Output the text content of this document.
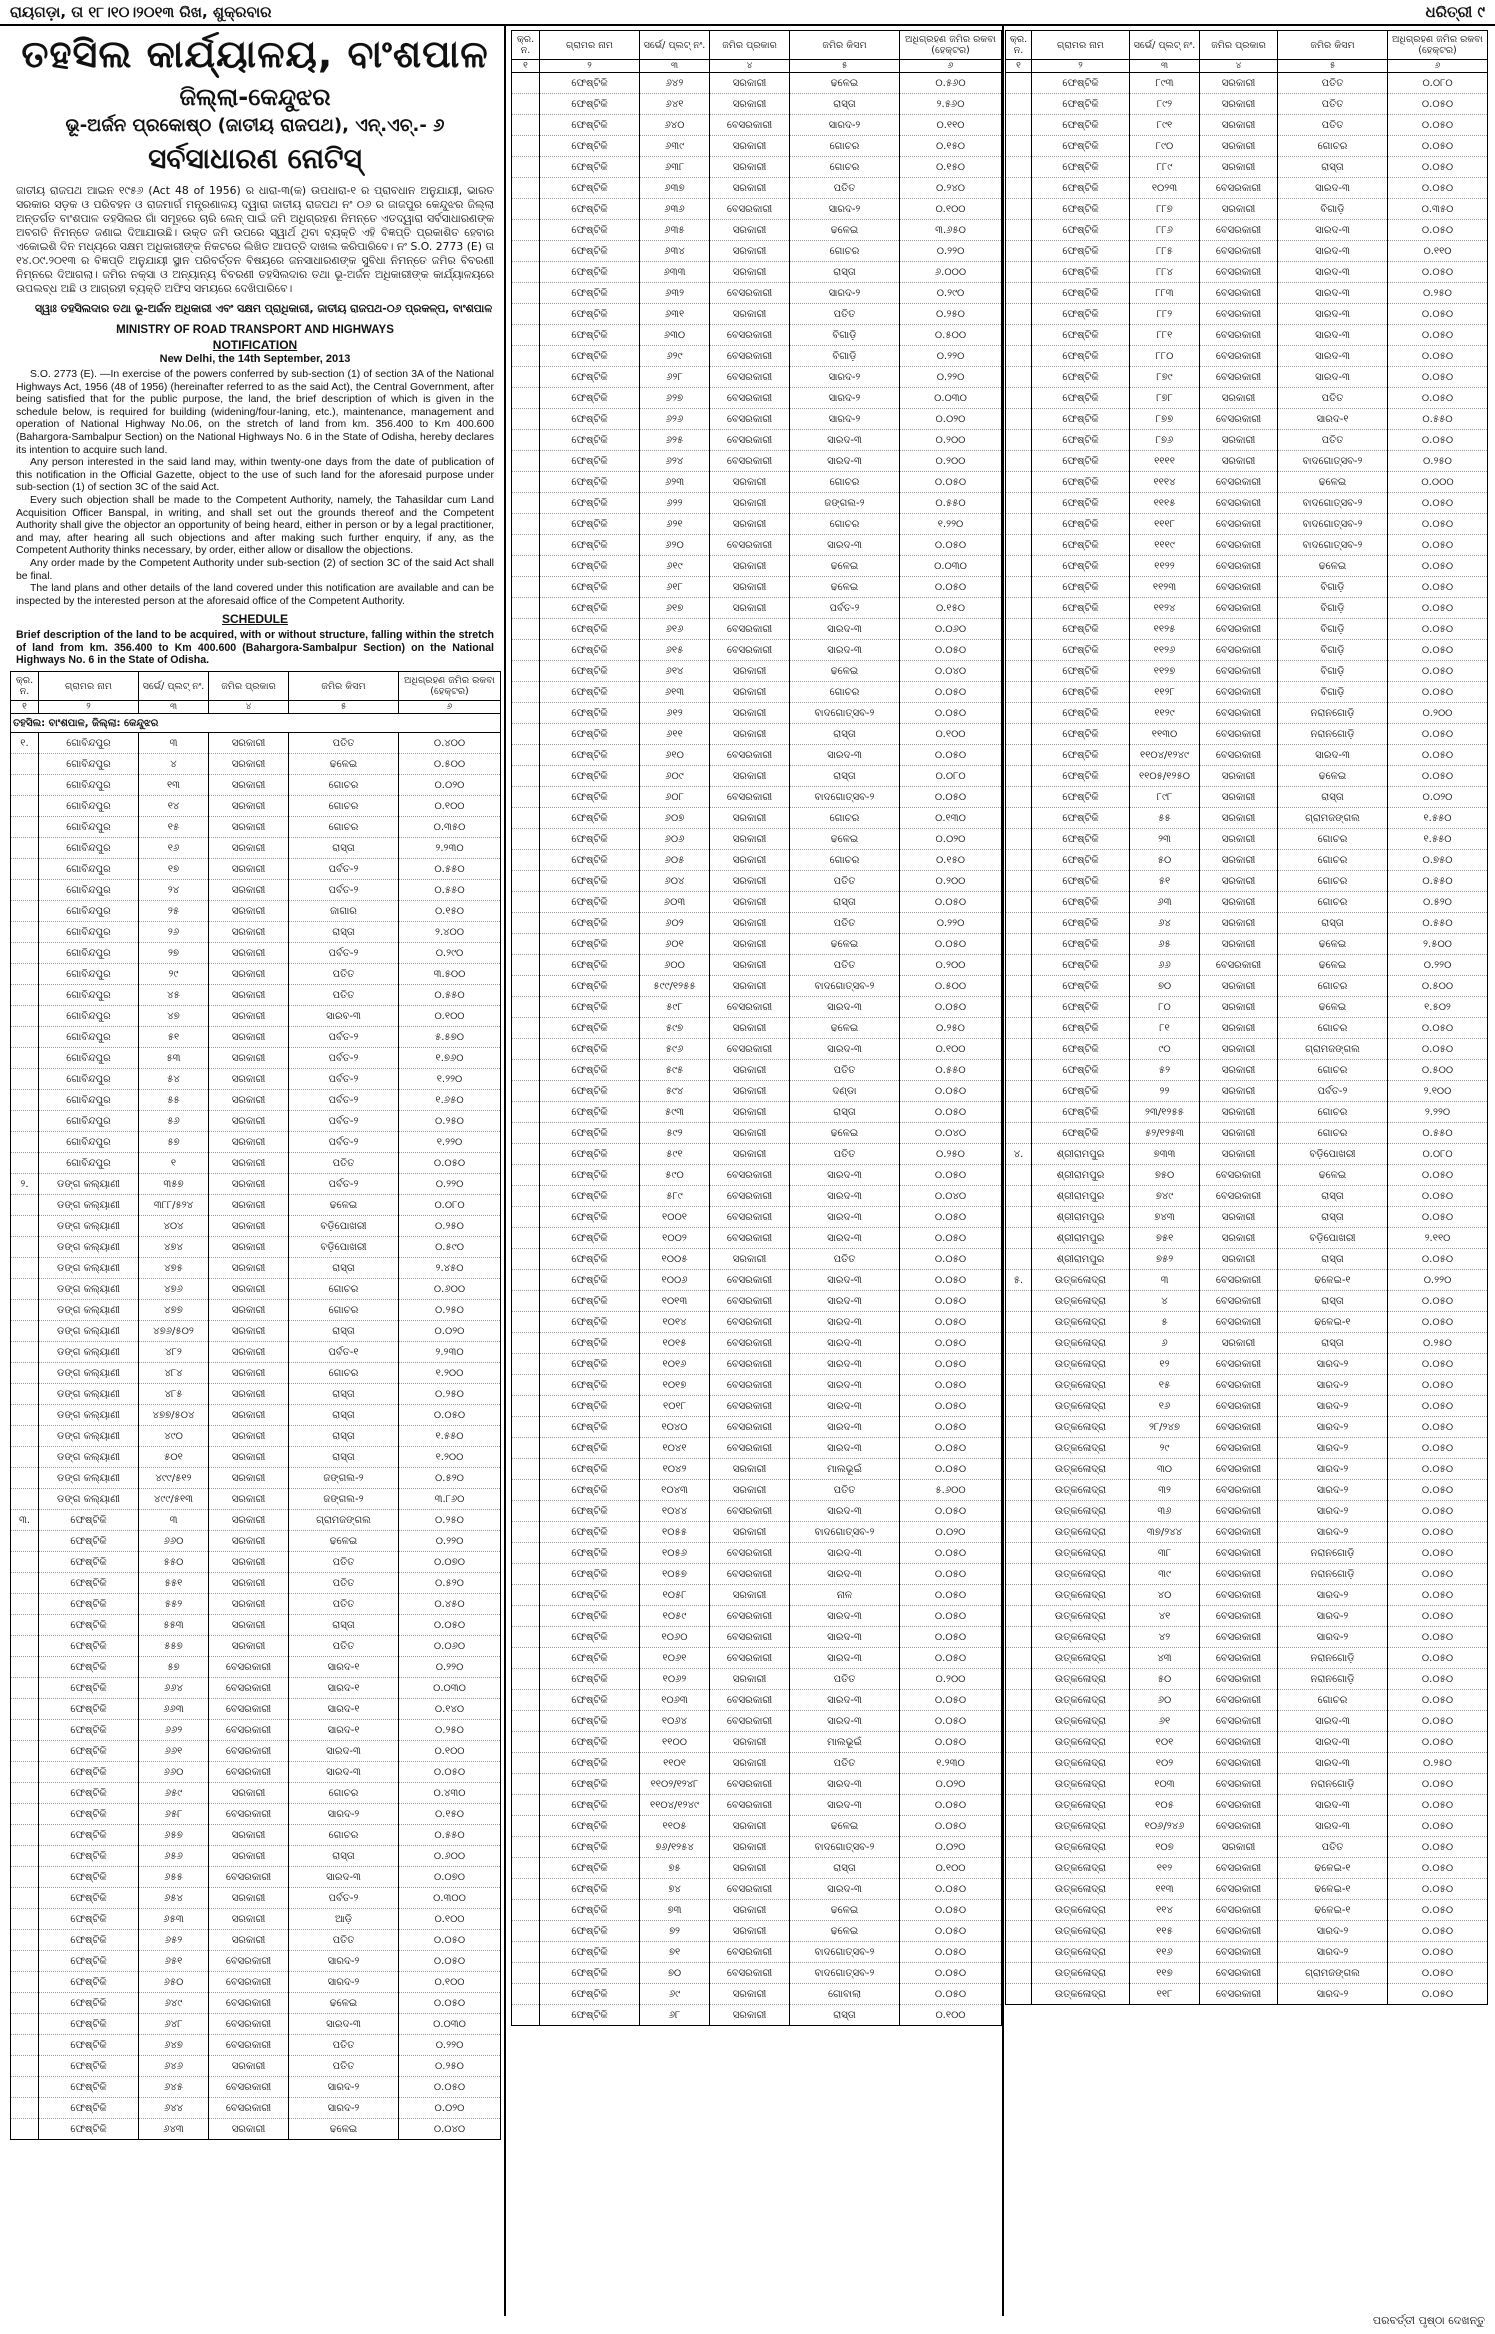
ରାୟଗଡ଼ା, ତା ୧୮।୧୦।୨୦୧୩ ରିଖ, ଶୁକ୍ରବାର	ଧରିତ୍ରୀ ୯
ତହସିଲ କାର୍ଯ୍ୟାଳୟ, ବାଂଶପାଳ
ଜିଲ୍ଲା-କେନ୍ଦୁଝର
ଭୂ-ଅର୍ଜନ ପ୍ରକୋଷ୍ଠ (ଜାତୀୟ ରାଜପଥ), ଏନ୍.ଏଚ୍.- ୬
ସର୍ବସାଧାରଣ ନୋଟିସ୍
ଜାତୀୟ ରାଜପଥ ଆଇନ ୧୯୫୬ (Act 48 of 1956) ର ଧାରା-୩(କ) ଉପଧାରା-୧ ର ପ୍ରାବଧାନ ଅନୁଯାୟୀ, ଭାରତ ସରକାର ସଡ଼କ ଓ ପରିବହନ ଓ ରାଜମାର୍ଗ ମନ୍ତ୍ରଣାଳୟ ଦ୍ୱାରା ଜାତୀୟ ରାଜପଥ ନଂ ୦୬ ର ଜାଜପୁର କେନ୍ଦୁଝର ଜିଲ୍ଲା ଅନ୍ତର୍ଗତ ବାଂଶପାଳ ତହସିଲର ଗାଁ ସମୂହରେ ଚାରି ଲେନ୍ ପାଇଁ ଜମି ଅଧିଗ୍ରହଣ ନିମନ୍ତେ ଏତଦ୍ୱାରା ସର୍ବସାଧାରଣଙ୍କ ଅବଗତି ନିମନ୍ତେ ଜଣାଇ ଦିଆଯାଉଛି। ଉକ୍ତ ଜମି ଉପରେ ସ୍ୱାର୍ଥ ଥିବା ବ୍ୟକ୍ତି ଏହି ବିଜ୍ଞପ୍ତି ପ୍ରକାଶିତ ହେବାର ଏକୋଇଶି ଦିନ ମଧ୍ୟରେ ସକ୍ଷମ ଅଧିକାରୀଙ୍କ ନିକଟରେ ଲିଖିତ ଆପତ୍ତି ଦାଖଲ କରିପାରିବେ। ନଂ S.O. 2773 (E) ତା ୧୪.୦୯.୨୦୧୩ ର ବିଜ୍ଞପ୍ତି ଅନୁଯାୟୀ ସ୍ଥାନ ପରିବର୍ତ୍ତନ ବିଷୟରେ ଜନସାଧାରଣଙ୍କ ସୁବିଧା ନିମନ୍ତେ ଜମିର ବିବରଣୀ ନିମ୍ନରେ ଦିଆଗଲା। ଜମିର ନକ୍ସା ଓ ଅନ୍ୟାନ୍ୟ ବିବରଣୀ ତହସିଲଦାର ତଥା ଭୂ-ଅର୍ଜନ ଅଧିକାରୀଙ୍କ କାର୍ଯ୍ୟାଳୟରେ ଉପଲବ୍ଧ ଅଛି ଓ ଆଗ୍ରହୀ ବ୍ୟକ୍ତି ଅଫିସ ସମୟରେ ଦେଖିପାରିବେ।
ସ୍ୱାଃ ତହସିଲଦାର ତଥା ଭୂ-ଅର୍ଜନ ଅଧିକାରୀ ଏବଂ ସକ୍ଷମ ପ୍ରାଧିକାରୀ, ଜାତୀୟ ରାଜପଥ-୦୬ ପ୍ରକଳ୍ପ, ବାଂଶପାଳ
MINISTRY OF ROAD TRANSPORT AND HIGHWAYS
NOTIFICATION
New Delhi, the 14th September, 2013

S.O. 2773 (E). —In exercise of the powers conferred by sub-section (1) of section 3A of the National Highways Act, 1956 (48 of 1956) (hereinafter referred to as the said Act), the Central Government, after being satisfied that for the public purpose, the land, the brief description of which is given in the schedule below, is required for building (widening/four-laning, etc.), maintenance, management and operation of National Highway No.06, on the stretch of land from km. 356.400 to Km 400.600 (Bahargora-Sambalpur Section) on the National Highways No. 6 in the State of Odisha, hereby declares its intention to acquire such land.

Any person interested in the said land may, within twenty-one days from the date of publication of this notification in the Official Gazette, object to the use of such land for the aforesaid purpose under sub-section (1) of section 3C of the said Act.

Every such objection shall be made to the Competent Authority, namely, the Tahasildar cum Land Acquisition Officer Banspal, in writing, and shall set out the grounds thereof and the Competent Authority shall give the objector an opportunity of being heard, either in person or by a legal practitioner, and may, after hearing all such objections and after making such further enquiry, if any, as the Competent Authority thinks necessary, by order, either allow or disallow the objections.

Any order made by the Competent Authority under sub-section (2) of section 3C of the said Act shall be final.

The land plans and other details of the land covered under this notification are available and can be inspected by the interested person at the aforesaid office of the Competent Authority.

SCHEDULE
Brief description of the land to be acquired, with or without structure, falling within the stretch of land from km. 356.400 to Km 400.600 (Bahargora-Sambalpur Section) on the National Highways No. 6 in the State of Odisha.
କ୍ର. ନ.	ଗ୍ରାମର ନାମ	ସର୍ଭେ/ ପ୍ଲଟ୍ ନଂ.	ଜମିର ପ୍ରକାର	ଜମିର କିସମ	ଅଧିଗ୍ରହଣ ଜମିର ରକବା (ହେକ୍ଟର)
୧	୨	୩	୪	୫	୬
ତହସିଲ: ବାଂଶପାଳ, ଜିଲ୍ଲା: କେନ୍ଦୁଝର					
୧.	ଗୋବିନ୍ଦପୁର	୩	ସରକାରୀ	ପତିତ	୦.୪୦୦
	ଗୋବିନ୍ଦପୁର	୪	ସରକାରୀ	ଢଳେଇ	୦.୫୦୦
	ଗୋବିନ୍ଦପୁର	୧୩	ସରକାରୀ	ଗୋଚର	୦.୦୨୦
	ଗୋବିନ୍ଦପୁର	୧୪	ସରକାରୀ	ଗୋଚର	୦.୧୦୦
	ଗୋବିନ୍ଦପୁର	୧୫	ସରକାରୀ	ଗୋଚର	୦.୩୫୦
	ଗୋବିନ୍ଦପୁର	୧୬	ସରକାରୀ	ରାସ୍ତା	୨.୨୩୦
	ଗୋବିନ୍ଦପୁର	୧୭	ସରକାରୀ	ପର୍ବତ-୨	୦.୫୫୦
	ଗୋବିନ୍ଦପୁର	୨୪	ସରକାରୀ	ପର୍ବତ-୨	୦.୫୫୦
	ଗୋବିନ୍ଦପୁର	୨୫	ସରକାରୀ	ଜାଗାର	୦.୧୫୦
	ଗୋବିନ୍ଦପୁର	୨୬	ସରକାରୀ	ରାସ୍ତା	୨.୪୦୦
	ଗୋବିନ୍ଦପୁର	୨୭	ସରକାରୀ	ପର୍ବତ-୨	୦.୨୯୦
	ଗୋବିନ୍ଦପୁର	୨୯	ସରକାରୀ	ପତିତ	୩.୫୦୦
	ଗୋବିନ୍ଦପୁର	୪୫	ସରକାରୀ	ପତିତ	୦.୫୫୦
	ଗୋବିନ୍ଦପୁର	୪୭	ସରକାରୀ	ସାରବ-୩	୦.୧୦୦
	ଗୋବିନ୍ଦପୁର	୫୧	ସରକାରୀ	ପର୍ବତ-୨	୫.୫୭୦
	ଗୋବିନ୍ଦପୁର	୫୩	ସରକାରୀ	ପର୍ବତ-୨	୧.୭୬୦
	ଗୋବିନ୍ଦପୁର	୫୪	ସରକାରୀ	ପର୍ବତ-୨	୧.୨୨୦
	ଗୋବିନ୍ଦପୁର	୫୫	ସରକାରୀ	ପର୍ବତ-୨	୧.୬୫୦
	ଗୋବିନ୍ଦପୁର	୫୬	ସରକାରୀ	ପର୍ବତ-୨	୦.୨୫୦
	ଗୋବିନ୍ଦପୁର	୫୭	ସରକାରୀ	ପର୍ବତ-୨	୧.୨୨୦
	ଗୋବିନ୍ଦପୁର	୧	ସରକାରୀ	ପତିତ	୦.୦୫୦
୨.	ଡଙ୍ଗ କଲ୍ୟାଣୀ	୩୫୭	ସରକାରୀ	ପର୍ବତ-୨	୦.୨୨୦
	ଡଙ୍ଗ କଲ୍ୟାଣୀ	୩୮୮/୫୨୪	ସରକାରୀ	ଢଳେଇ	୦.୦୮୦
	ଡଙ୍ଗ କଲ୍ୟାଣୀ	୪୦୪	ସରକାରୀ	ବଡ଼ିପୋଖରୀ	୦.୨୫୦
	ଡଙ୍ଗ କଲ୍ୟାଣୀ	୪୭୪	ସରକାରୀ	ବଡ଼ିପୋଖରୀ	୦.୫୯୦
	ଡଙ୍ଗ କଲ୍ୟାଣୀ	୪୭୫	ସରକାରୀ	ରାସ୍ତା	୨.୪୫୦
	ଡଙ୍ଗ କଲ୍ୟାଣୀ	୪୭୬	ସରକାରୀ	ଗୋଚର	୦.୬୦୦
	ଡଙ୍ଗ କଲ୍ୟାଣୀ	୪୭୭	ସରକାରୀ	ଗୋଚର	୦.୨୫୦
	ଡଙ୍ଗ କଲ୍ୟାଣୀ	୪୭୬/୫୦୨	ସରକାରୀ	ରାସ୍ତା	୦.୦୨୦
	ଡଙ୍ଗ କଲ୍ୟାଣୀ	୪୮୨	ସରକାରୀ	ପର୍ବତ-୧	୨.୨୩୦
	ଡଙ୍ଗ କଲ୍ୟାଣୀ	୪୮୪	ସରକାରୀ	ଗୋଚର	୧.୨୦୦
	ଡଙ୍ଗ କଲ୍ୟାଣୀ	୪୮୫	ସରକାରୀ	ରାସ୍ତା	୦.୨୫୦
	ଡଙ୍ଗ କଲ୍ୟାଣୀ	୪୭୭/୫୦୪	ସରକାରୀ	ରାସ୍ତା	୦.୦୫୦
	ଡଙ୍ଗ କଲ୍ୟାଣୀ	୪୯୦	ସରକାରୀ	ରାସ୍ତା	୧.୫୫୦
	ଡଙ୍ଗ କଲ୍ୟାଣୀ	୫୦୧	ସରକାରୀ	ରାସ୍ତା	୧.୨୦୦
	ଡଙ୍ଗ କଲ୍ୟାଣୀ	୪୯୯/୫୧୨	ସରକାରୀ	ଜଙ୍ଗଲ-୨	୦.୫୨୦
	ଡଙ୍ଗ କଲ୍ୟାଣୀ	୪୯୯/୫୧୩	ସରକାରୀ	ଜଙ୍ଗଲ-୨	୩.୮୬୦
୩.	ଫେଷ୍ଟିକି	୩	ସରକାରୀ	ଗ୍ରାମଜଙ୍ଗଲ	୦.୨୫୦
	ଫେଷ୍ଟିକି	୬୬୦	ସରକାରୀ	ଢଳେଇ	୦.୨୨୦
	ଫେଷ୍ଟିକି	୫୫୦	ସରକାରୀ	ପତିତ	୦.୦୭୦
	ଫେଷ୍ଟିକି	୫୫୧	ସରକାରୀ	ପତିତ	୦.୫୨୦
	ଫେଷ୍ଟିକି	୫୫୨	ସରକାରୀ	ପତିତ	୦.୪୫୦
	ଫେଷ୍ଟିକି	୫୫୩	ସରକାରୀ	ରାସ୍ତା	୦.୦୫୦
	ଫେଷ୍ଟିକି	୫୫୭	ସରକାରୀ	ପତିତ	୦.୦୬୦
	ଫେଷ୍ଟିକି	୫୭	ବେସରକାରୀ	ସାରଦ-୧	୦.୨୨୦
	ଫେଷ୍ଟିକି	୬୬୪	ବେସରକାରୀ	ସାରଦ-୧	୦.୦୩୦
	ଫେଷ୍ଟିକି	୬୬୩	ବେସରକାରୀ	ସାରଦ-୧	୦.୧୪୦
	ଫେଷ୍ଟିକି	୬୬୨	ବେସରକାରୀ	ସାରଦ-୧	୦.୨୫୦
	ଫେଷ୍ଟିକି	୬୬୧	ବେସରକାରୀ	ସାରଦ-୩	୦.୧୦୦
	ଫେଷ୍ଟିକି	୬୬୦	ବେସରକାରୀ	ସାରଦ-୩	୦.୦୫୦
	ଫେଷ୍ଟିକି	୬୫୯	ସରକାରୀ	ଗୋଚର	୦.୪୩୦
	ଫେଷ୍ଟିକି	୬୫୮	ବେସରକାରୀ	ସାରଦ-୨	୦.୧୫୦
	ଫେଷ୍ଟିକି	୬୫୭	ସରକାରୀ	ଗୋଚର	୦.୫୫୦
	ଫେଷ୍ଟିକି	୬୫୬	ସରକାରୀ	ରାସ୍ତା	୦.୬୦୦
	ଫେଷ୍ଟିକି	୬୫୫	ବେସରକାରୀ	ସାରଦ-୩	୦.୦୭୦
	ଫେଷ୍ଟିକି	୬୫୪	ସରକାରୀ	ପର୍ବତ-୨	୦.୩୦୦
	ଫେଷ୍ଟିକି	୬୫୩	ସରକାରୀ	ଆଡ଼ି	୦.୧୦୦
	ଫେଷ୍ଟିକି	୬୫୨	ସରକାରୀ	ପତିତ	୦.୦୫୦
	ଫେଷ୍ଟିକି	୬୫୧	ବେସରକାରୀ	ସାରଦ-୨	୦.୦୫୦
	ଫେଷ୍ଟିକି	୬୫୦	ବେସରକାରୀ	ସାରଦ-୨	୦.୧୦୦
	ଫେଷ୍ଟିକି	୬୪୯	ବେସରକାରୀ	ଢଳେଇ	୦.୦୫୦
	ଫେଷ୍ଟିକି	୬୪୮	ବେସରକାରୀ	ସାରଦ-୩	୦.୦୩୦
	ଫେଷ୍ଟିକି	୬୪୭	ବେସରକାରୀ	ପତିତ	୦.୨୨୦
	ଫେଷ୍ଟିକି	୬୪୬	ସରକାରୀ	ପତିତ	୦.୨୫୦
	ଫେଷ୍ଟିକି	୬୪୫	ବେସରକାରୀ	ସାରଦ-୨	୦.୦୫୦
	ଫେଷ୍ଟିକି	୬୪୪	ବେସରକାରୀ	ସାରଦ-୨	୦.୦୨୦
	ଫେଷ୍ଟିକି	୬୪୩	ସରକାରୀ	ଢଳେଇ	୦.୦୪୦
କ୍ର. ନ.	ଗ୍ରାମର ନାମ	ସର୍ଭେ/ ପ୍ଲଟ୍ ନଂ.	ଜମିର ପ୍ରକାର	ଜମିର କିସମ	ଅଧିଗ୍ରହଣ ଜମିର ରକବା (ହେକ୍ଟର)
୧	୨	୩	୪	୫	୬
	ଫେଷ୍ଟିକି	୬୪୨	ସରକାରୀ	ଢଳେଇ	୦.୫୬୦
	ଫେଷ୍ଟିକି	୬୪୧	ସରକାରୀ	ରାସ୍ତା	୨.୫୬୦
	ଫେଷ୍ଟିକି	୬୪୦	ବେସରକାରୀ	ସାରଦ-୨	୦.୧୧୦
	ଫେଷ୍ଟିକି	୬୩୯	ସରକାରୀ	ଗୋଚର	୦.୧୫୦
	ଫେଷ୍ଟିକି	୬୩୮	ସରକାରୀ	ଗୋଚର	୦.୧୫୦
	ଫେଷ୍ଟିକି	୬୩୭	ସରକାରୀ	ପତିତ	୦.୨୪୦
	ଫେଷ୍ଟିକି	୬୩୬	ବେସରକାରୀ	ସାରଦ-୨	୦.୧୦୦
	ଫେଷ୍ଟିକି	୬୩୫	ସରକାରୀ	ଢଳେଇ	୩.୬୫୦
	ଫେଷ୍ଟିକି	୬୩୪	ସରକାରୀ	ଗୋଚର	୦.୨୨୦
	ଫେଷ୍ଟିକି	୬୩୩	ସରକାରୀ	ରାସ୍ତା	୬.୦୦୦
	ଫେଷ୍ଟିକି	୬୩୨	ବେସରକାରୀ	ସାରଦ-୨	୦.୨୯୦
	ଫେଷ୍ଟିକି	୬୩୧	ସରକାରୀ	ପତିତ	୦.୨୫୦
	ଫେଷ୍ଟିକି	୬୩୦	ବେସରକାରୀ	ବିଗାଡ଼ି	୦.୫୦୦
	ଫେଷ୍ଟିକି	୬୨୯	ବେସରକାରୀ	ବିଗାଡ଼ି	୦.୨୨୦
	ଫେଷ୍ଟିକି	୬୨୮	ବେସରକାରୀ	ସାରଦ-୨	୦.୨୨୦
	ଫେଷ୍ଟିକି	୬୨୭	ବେସରକାରୀ	ସାରଦ-୨	୦.୦୩୦
	ଫେଷ୍ଟିକି	୬୨୬	ବେସରକାରୀ	ସାରଦ-୨	୦.୦୨୦
	ଫେଷ୍ଟିକି	୬୨୫	ବେସରକାରୀ	ସାରଦ-୩	୦.୨୦୦
	ଫେଷ୍ଟିକି	୬୨୪	ବେସରକାରୀ	ସାରଦ-୩	୦.୨୦୦
	ଫେଷ୍ଟିକି	୬୨୩	ସରକାରୀ	ଗୋଚର	୦.୦୫୦
	ଫେଷ୍ଟିକି	୬୨୨	ସରକାରୀ	ଜଙ୍ଗଲ-୨	୦.୫୫୦
	ଫେଷ୍ଟିକି	୬୨୧	ସରକାରୀ	ଗୋଚର	୧.୨୨୦
	ଫେଷ୍ଟିକି	୬୨୦	ବେସରକାରୀ	ସାରଦ-୩	୦.୦୫୦
	ଫେଷ୍ଟିକି	୬୧୯	ସରକାରୀ	ଢଳେଇ	୦.୦୩୦
	ଫେଷ୍ଟିକି	୬୧୮	ସରକାରୀ	ଢଳେଇ	୦.୦୫୦
	ଫେଷ୍ଟିକି	୬୧୭	ସରକାରୀ	ପର୍ବତ-୨	୦.୧୫୦
	ଫେଷ୍ଟିକି	୬୧୬	ବେସରକାରୀ	ସାରଦ-୩	୦.୦୬୦
	ଫେଷ୍ଟିକି	୬୧୫	ବେସରକାରୀ	ସାରଦ-୩	୦.୦୫୦
	ଫେଷ୍ଟିକି	୬୧୪	ସରକାରୀ	ଢଳେଇ	୦.୦୪୦
	ଫେଷ୍ଟିକି	୬୧୩	ସରକାରୀ	ଗୋଚର	୦.୦୫୦
	ଫେଷ୍ଟିକି	୬୧୨	ସରକାରୀ	ବାଦଗୋତ୍ସବ-୨	୦.୦୫୦
	ଫେଷ୍ଟିକି	୬୧୧	ସରକାରୀ	ରାସ୍ତା	୦.୧୦୦
	ଫେଷ୍ଟିକି	୬୧୦	ବେସରକାରୀ	ସାରଦ-୩	୦.୦୫୦
	ଫେଷ୍ଟିକି	୬୦୯	ସରକାରୀ	ରାସ୍ତା	୦.୦୮୦
	ଫେଷ୍ଟିକି	୬୦୮	ବେସରକାରୀ	ବାଦଗୋତ୍ସବ-୨	୦.୦୫୦
	ଫେଷ୍ଟିକି	୬୦୭	ସରକାରୀ	ଗୋଚର	୦.୧୩୦
	ଫେଷ୍ଟିକି	୬୦୬	ସରକାରୀ	ଢଳେଇ	୦.୦୨୦
	ଫେଷ୍ଟିକି	୬୦୫	ସରକାରୀ	ଗୋଚର	୦.୧୫୦
	ଫେଷ୍ଟିକି	୬୦୪	ସରକାରୀ	ପତିତ	୦.୨୦୦
	ଫେଷ୍ଟିକି	୬୦୩	ସରକାରୀ	ରାସ୍ତା	୦.୦୫୦
	ଫେଷ୍ଟିକି	୬୦୨	ସରକାରୀ	ପତିତ	୦.୨୨୦
	ଫେଷ୍ଟିକି	୬୦୧	ସରକାରୀ	ଢଳେଇ	୦.୦୫୦
	ଫେଷ୍ଟିକି	୬୦୦	ସରକାରୀ	ପତିତ	୦.୨୦୦
	ଫେଷ୍ଟିକି	୫୯୯/୧୨୫୫	ସରକାରୀ	ବାଦଗୋତ୍ସବ-୨	୦.୫୦୦
	ଫେଷ୍ଟିକି	୫୯୮	ବେସରକାରୀ	ସାରଦ-୩	୦.୦୫୦
	ଫେଷ୍ଟିକି	୫୯୭	ସରକାରୀ	ଢଳେଇ	୦.୨୫୦
	ଫେଷ୍ଟିକି	୫୯୬	ବେସରକାରୀ	ସାରଦ-୩	୦.୧୦୦
	ଫେଷ୍ଟିକି	୫୯୫	ସରକାରୀ	ପତିତ	୦.୫୫୦
	ଫେଷ୍ଟିକି	୫୯୪	ସରକାରୀ	ଦଣ୍ଡା	୦.୦୫୦
	ଫେଷ୍ଟିକି	୫୯୩	ସରକାରୀ	ରାସ୍ତା	୦.୦୫୦
	ଫେଷ୍ଟିକି	୫୯୨	ସରକାରୀ	ଢଳେଇ	୦.୦୪୦
	ଫେଷ୍ଟିକି	୫୯୧	ସରକାରୀ	ପତିତ	୦.୨୫୦
	ଫେଷ୍ଟିକି	୫୯୦	ବେସରକାରୀ	ସାରଦ-୩	୦.୦୫୦
	ଫେଷ୍ଟିକି	୫୮୯	ବେସରକାରୀ	ସାରଦ-୩	୦.୦୪୦
	ଫେଷ୍ଟିକି	୧୦୦୧	ବେସରକାରୀ	ସାରଦ-୩	୦.୦୫୦
	ଫେଷ୍ଟିକି	୧୦୦୨	ବେସରକାରୀ	ସାରଦ-୩	୦.୦୫୦
	ଫେଷ୍ଟିକି	୧୦୦୫	ସରକାରୀ	ପତିତ	୦.୦୫୦
	ଫେଷ୍ଟିକି	୧୦୦୬	ବେସରକାରୀ	ସାରଦ-୩	୦.୦୫୦
	ଫେଷ୍ଟିକି	୧୦୧୩	ବେସରକାରୀ	ସାରଦ-୩	୦.୦୫୦
	ଫେଷ୍ଟିକି	୧୦୧୪	ବେସରକାରୀ	ସାରଦ-୩	୦.୦୫୦
	ଫେଷ୍ଟିକି	୧୦୧୫	ବେସରକାରୀ	ସାରଦ-୩	୦.୦୫୦
	ଫେଷ୍ଟିକି	୧୦୧୬	ବେସରକାରୀ	ସାରଦ-୩	୦.୦୫୦
	ଫେଷ୍ଟିକି	୧୦୧୭	ବେସରକାରୀ	ସାରଦ-୩	୦.୦୫୦
	ଫେଷ୍ଟିକି	୧୦୧୮	ବେସରକାରୀ	ସାରଦ-୩	୦.୦୫୦
	ଫେଷ୍ଟିକି	୧୦୪୦	ବେସରକାରୀ	ସାରଦ-୩	୦.୦୫୦
	ଫେଷ୍ଟିକି	୧୦୪୧	ବେସରକାରୀ	ସାରଦ-୩	୦.୦୫୦
	ଫେଷ୍ଟିକି	୧୦୪୨	ସରକାରୀ	ମାଲଭୂଇଁ	୦.୦୫୦
	ଫେଷ୍ଟିକି	୧୦୪୩	ସରକାରୀ	ପତିତ	୫.୬୦୦
	ଫେଷ୍ଟିକି	୧୦୪୪	ବେସରକାରୀ	ସାରଦ-୩	୦.୦୫୦
	ଫେଷ୍ଟିକି	୧୦୫୫	ସରକାରୀ	ବାଦଗୋତ୍ସବ-୨	୦.୦୨୦
	ଫେଷ୍ଟିକି	୧୦୫୬	ବେସରକାରୀ	ସାରଦ-୩	୦.୦୫୦
	ଫେଷ୍ଟିକି	୧୦୫୭	ବେସରକାରୀ	ସାରଦ-୩	୦.୦୫୦
	ଫେଷ୍ଟିକି	୧୦୫୮	ସରକାରୀ	ନାଳ	୦.୦୫୦
	ଫେଷ୍ଟିକି	୧୦୫୯	ବେସରକାରୀ	ସାରଦ-୩	୦.୦୫୦
	ଫେଷ୍ଟିକି	୧୦୬୦	ବେସରକାରୀ	ସାରଦ-୩	୦.୦୫୦
	ଫେଷ୍ଟିକି	୧୦୬୧	ବେସରକାରୀ	ସାରଦ-୩	୦.୦୫୦
	ଫେଷ୍ଟିକି	୧୦୬୨	ସରକାରୀ	ପତିତ	୦.୨୦୦
	ଫେଷ୍ଟିକି	୧୦୬୩	ବେସରକାରୀ	ସାରଦ-୩	୦.୦୫୦
	ଫେଷ୍ଟିକି	୧୦୬୪	ବେସରକାରୀ	ସାରଦ-୩	୦.୦୫୦
	ଫେଷ୍ଟିକି	୧୧୦୦	ସରକାରୀ	ମାଲଭୂଇଁ	୦.୦୫୦
	ଫେଷ୍ଟିକି	୧୧୦୧	ସରକାରୀ	ପତିତ	୧.୨୩୦
	ଫେଷ୍ଟିକି	୧୧୦୨/୧୨୪୮	ବେସରକାରୀ	ସାରଦ-୩	୦.୦୨୦
	ଫେଷ୍ଟିକି	୧୧୦୪/୧୨୪୯	ବେସରକାରୀ	ସାରଦ-୩	୦.୦୫୦
	ଫେଷ୍ଟିକି	୧୧୦୫	ସରକାରୀ	ଢଳେଇ	୦.୦୫୦
	ଫେଷ୍ଟିକି	୭୬/୧୨୫୪	ସରକାରୀ	ବାଦଗୋତ୍ସବ-୨	୦.୦୨୦
	ଫେଷ୍ଟିକି	୭୫	ସରକାରୀ	ରାସ୍ତା	୦.୧୦୦
	ଫେଷ୍ଟିକି	୭୪	ବେସରକାରୀ	ସାରଦ-୩	୦.୦୫୦
	ଫେଷ୍ଟିକି	୭୩	ସରକାରୀ	ଢଳେଇ	୦.୦୫୦
	ଫେଷ୍ଟିକି	୭୨	ସରକାରୀ	ଢଳେଇ	୦.୦୫୦
	ଫେଷ୍ଟିକି	୭୧	ବେସରକାରୀ	ବାଦଗୋତ୍ସବ-୨	୦.୦୫୦
	ଫେଷ୍ଟିକି	୭୦	ବେସରକାରୀ	ବାଦଗୋତ୍ସବ-୨	୦.୦୫୦
	ଫେଷ୍ଟିକି	୬୯	ସରକାରୀ	ଗୋବାଲା	୦.୦୫୦
	ଫେଷ୍ଟିକି	୬୮	ସରକାରୀ	ରାସ୍ତା	୦.୧୦୦
କ୍ର. ନ.	ଗ୍ରାମର ନାମ	ସର୍ଭେ/ ପ୍ଲଟ୍ ନଂ.	ଜମିର ପ୍ରକାର	ଜମିର କିସମ	ଅଧିଗ୍ରହଣ ଜମିର ରକବା (ହେକ୍ଟର)
୧	୨	୩	୪	୫	୬
	ଫେଷ୍ଟିକି	୮୯୩	ସରକାରୀ	ପତିତ	୦.୦୮୦
	ଫେଷ୍ଟିକି	୮୯୨	ସରକାରୀ	ପତିତ	୦.୦୫୦
	ଫେଷ୍ଟିକି	୮୯୧	ସରକାରୀ	ପତିତ	୦.୦୫୦
	ଫେଷ୍ଟିକି	୮୯୦	ସରକାରୀ	ଗୋଚର	୦.୦୫୦
	ଫେଷ୍ଟିକି	୮୮୯	ସରକାରୀ	ରାସ୍ତା	୦.୦୫୦
	ଫେଷ୍ଟିକି	୧୦୨୩	ବେସରକାରୀ	ସାରଦ-୩	୦.୦୫୦
	ଫେଷ୍ଟିକି	୮୮୭	ସରକାରୀ	ବିଗାଡ଼ି	୦.୩୫୦
	ଫେଷ୍ଟିକି	୮୮୬	ବେସରକାରୀ	ସାରଦ-୩	୦.୦୫୦
	ଫେଷ୍ଟିକି	୮୮୫	ବେସରକାରୀ	ସାରଦ-୩	୦.୧୧୦
	ଫେଷ୍ଟିକି	୮୮୪	ବେସରକାରୀ	ସାରଦ-୩	୦.୦୫୦
	ଫେଷ୍ଟିକି	୮୮୩	ବେସରକାରୀ	ସାରଦ-୩	୦.୨୫୦
	ଫେଷ୍ଟିକି	୮୮୨	ବେସରକାରୀ	ସାରଦ-୩	୦.୦୫୦
	ଫେଷ୍ଟିକି	୮୮୧	ବେସରକାରୀ	ସାରଦ-୩	୦.୦୫୦
	ଫେଷ୍ଟିକି	୮୮୦	ବେସରକାରୀ	ସାରଦ-୩	୦.୦୫୦
	ଫେଷ୍ଟିକି	୮୭୯	ବେସରକାରୀ	ସାରଦ-୩	୦.୦୫୦
	ଫେଷ୍ଟିକି	୮୭୮	ସରକାରୀ	ପତିତ	୦.୦୫୦
	ଫେଷ୍ଟିକି	୮୭୭	ବେସରକାରୀ	ସାରଦ-୧	୦.୫୫୦
	ଫେଷ୍ଟିକି	୮୭୬	ସରକାରୀ	ପତିତ	୦.୦୫୦
	ଫେଷ୍ଟିକି	୧୧୧୧	ସରକାରୀ	ବାଦଗୋତ୍ସବ-୨	୦.୨୫୦
	ଫେଷ୍ଟିକି	୧୧୧୪	ବେସରକାରୀ	ଢଳେଇ	୦.୦୦୦
	ଫେଷ୍ଟିକି	୧୧୧୫	ବେସରକାରୀ	ବାଦଗୋତ୍ସବ-୨	୦.୦୫୦
	ଫେଷ୍ଟିକି	୧୧୧୮	ବେସରକାରୀ	ବାଦଗୋତ୍ସବ-୨	୦.୦୫୦
	ଫେଷ୍ଟିକି	୧୧୧୯	ବେସରକାରୀ	ବାଦଗୋତ୍ସବ-୨	୦.୦୫୦
	ଫେଷ୍ଟିକି	୧୧୨୨	ବେସରକାରୀ	ଢଳେଇ	୦.୦୫୦
	ଫେଷ୍ଟିକି	୧୧୨୩	ବେସରକାରୀ	ବିଗାଡ଼ି	୦.୦୫୦
	ଫେଷ୍ଟିକି	୧୧୨୪	ବେସରକାରୀ	ବିଗାଡ଼ି	୦.୦୫୦
	ଫେଷ୍ଟିକି	୧୧୨୫	ବେସରକାରୀ	ବିଗାଡ଼ି	୦.୦୫୦
	ଫେଷ୍ଟିକି	୧୧୨୬	ବେସରକାରୀ	ବିଗାଡ଼ି	୦.୦୫୦
	ଫେଷ୍ଟିକି	୧୧୨୭	ବେସରକାରୀ	ବିଗାଡ଼ି	୦.୦୫୦
	ଫେଷ୍ଟିକି	୧୧୨୮	ବେସରକାରୀ	ବିଗାଡ଼ି	୦.୦୫୦
	ଫେଷ୍ଟିକି	୧୧୨୯	ବେସରକାରୀ	ନରାନଗୋଡ଼ି	୦.୨୦୦
	ଫେଷ୍ଟିକି	୧୧୩୦	ବେସରକାରୀ	ନରାନଗୋଡ଼ି	୦.୦୫୦
	ଫେଷ୍ଟିକି	୧୧୦୪/୧୨୪୯	ବେସରକାରୀ	ସାରଦ-୩	୦.୦୫୦
	ଫେଷ୍ଟିକି	୧୧୦୫/୧୨୫୦	ସରକାରୀ	ଢଳେଇ	୦.୦୫୦
	ଫେଷ୍ଟିକି	୮୯୮	ସରକାରୀ	ରାସ୍ତା	୦.୦୨୦
	ଫେଷ୍ଟିକି	୫୫	ସରକାରୀ	ଗ୍ରାମଜଙ୍ଗଲ	୧.୫୫୦
	ଫେଷ୍ଟିକି	୨୩	ସରକାରୀ	ଗୋଚର	୧.୫୫୦
	ଫେଷ୍ଟିକି	୫୦	ସରକାରୀ	ଗୋଚର	୦.୭୫୦
	ଫେଷ୍ଟିକି	୫୧	ସରକାରୀ	ଗୋଚର	୦.୫୫୦
	ଫେଷ୍ଟିକି	୬୩	ସରକାରୀ	ଗୋଚର	୦.୫୨୦
	ଫେଷ୍ଟିକି	୬୪	ସରକାରୀ	ରାସ୍ତା	୦.୫୫୦
	ଫେଷ୍ଟିକି	୬୫	ସରକାରୀ	ଢଳେଇ	୨.୫୦୦
	ଫେଷ୍ଟିକି	୬୬	ବେସରକାରୀ	ଢଳେଇ	୦.୨୨୦
	ଫେଷ୍ଟିକି	୭୦	ସରକାରୀ	ଗୋଚର	୦.୫୦୦
	ଫେଷ୍ଟିକି	୮୦	ସରକାରୀ	ଢଳେଇ	୧.୫୦୨
	ଫେଷ୍ଟିକି	୮୧	ସରକାରୀ	ଗୋଚର	୦.୦୫୦
	ଫେଷ୍ଟିକି	୯୦	ସରକାରୀ	ଗ୍ରାମଜଙ୍ଗଲ	୦.୦୫୦
	ଫେଷ୍ଟିକି	୫୨	ସରକାରୀ	ଗୋଚର	୦.୫୦୦
	ଫେଷ୍ଟିକି	୨୨	ସରକାରୀ	ପର୍ବତ-୨	୨.୧୦୦
	ଫେଷ୍ଟିକି	୨୩/୧୨୫୫	ସରକାରୀ	ଗୋଚର	୨.୨୨୦
	ଫେଷ୍ଟିକି	୫୨/୧୨୫୩	ସରକାରୀ	ଗୋଚର	୦.୫୫୦
୪.	ଶ୍ରୀରାମପୁର	୭୩୩	ସରକାରୀ	ବଡ଼ିପୋଖରୀ	୦.୦୮୦
	ଶ୍ରୀରାମପୁର	୭୫୦	ବେସରକାରୀ	ଢଳେଇ	୦.୦୫୦
	ଶ୍ରୀରାମପୁର	୭୪୯	ବେସରକାରୀ	ରାସ୍ତା	୦.୦୫୦
	ଶ୍ରୀରାମପୁର	୭୪୩	ସରକାରୀ	ରାସ୍ତା	୦.୦୫୦
	ଶ୍ରୀରାମପୁର	୭୫୧	ସରକାରୀ	ବଡ଼ିପୋଖରୀ	୨.୧୧୦
	ଶ୍ରୀରାମପୁର	୭୫୨	ସରକାରୀ	ରାସ୍ତା	୦.୦୫୦
୫.	ଉତ୍କଳୋଦ୍ରା	୩	ବେସରକାରୀ	ଢଳେଇ-୧	୦.୨୨୦
	ଉତ୍କଳୋଦ୍ରା	୪	ବେସରକାରୀ	ରାସ୍ତା	୦.୦୫୦
	ଉତ୍କଳୋଦ୍ରା	୫	ବେସରକାରୀ	ଢଳେଇ-୧	୦.୦୫୦
	ଉତ୍କଳୋଦ୍ରା	୬	ସରକାରୀ	ରାସ୍ତା	୦.୨୫୦
	ଉତ୍କଳୋଦ୍ରା	୧୨	ବେସରକାରୀ	ସାରଦ-୨	୦.୦୫୦
	ଉତ୍କଳୋଦ୍ରା	୧୫	ବେସରକାରୀ	ସାରଦ-୨	୦.୦୫୦
	ଉତ୍କଳୋଦ୍ରା	୧୬	ବେସରକାରୀ	ସାରଦ-୨	୦.୦୫୦
	ଉତ୍କଳୋଦ୍ରା	୨୮/୨୪୭	ବେସରକାରୀ	ସାରଦ-୨	୦.୦୫୦
	ଉତ୍କଳୋଦ୍ରା	୨୯	ବେସରକାରୀ	ସାରଦ-୨	୦.୦୫୦
	ଉତ୍କଳୋଦ୍ରା	୩୦	ବେସରକାରୀ	ସାରଦ-୨	୦.୦୫୦
	ଉତ୍କଳୋଦ୍ରା	୩୨	ବେସରକାରୀ	ସାରଦ-୨	୦.୦୫୦
	ଉତ୍କଳୋଦ୍ରା	୩୬	ବେସରକାରୀ	ସାରଦ-୨	୦.୦୫୦
	ଉତ୍କଳୋଦ୍ରା	୩୭/୨୪୪	ବେସରକାରୀ	ସାରଦ-୨	୦.୦୫୦
	ଉତ୍କଳୋଦ୍ରା	୩୮	ବେସରକାରୀ	ନରାନଗୋଡ଼ି	୦.୦୫୦
	ଉତ୍କଳୋଦ୍ରା	୩୯	ବେସରକାରୀ	ନରାନଗୋଡ଼ି	୦.୦୫୦
	ଉତ୍କଳୋଦ୍ରା	୪୦	ବେସରକାରୀ	ସାରଦ-୨	୦.୦୫୦
	ଉତ୍କଳୋଦ୍ରା	୪୧	ବେସରକାରୀ	ସାରଦ-୨	୦.୦୫୦
	ଉତ୍କଳୋଦ୍ରା	୪୨	ବେସରକାରୀ	ସାରଦ-୨	୦.୦୫୦
	ଉତ୍କଳୋଦ୍ରା	୪୩	ବେସରକାରୀ	ନରାନଗୋଡ଼ି	୦.୦୫୦
	ଉତ୍କଳୋଦ୍ରା	୫୦	ବେସରକାରୀ	ନରାନଗୋଡ଼ି	୦.୦୫୦
	ଉତ୍କଳୋଦ୍ରା	୬୦	ବେସରକାରୀ	ଗୋଚର	୦.୦୫୦
	ଉତ୍କଳୋଦ୍ରା	୬୧	ବେସରକାରୀ	ସାରଦ-୩	୦.୦୫୦
	ଉତ୍କଳୋଦ୍ରା	୧୦୧	ବେସରକାରୀ	ସାରଦ-୩	୦.୦୫୦
	ଉତ୍କଳୋଦ୍ରା	୧୦୨	ବେସରକାରୀ	ସାରଦ-୩	୦.୨୫୦
	ଉତ୍କଳୋଦ୍ରା	୧୦୩	ବେସରକାରୀ	ନରାନଗୋଡ଼ି	୦.୦୫୦
	ଉତ୍କଳୋଦ୍ରା	୧୦୫	ବେସରକାରୀ	ସାରଦ-୩	୦.୦୫୦
	ଉତ୍କଳୋଦ୍ରା	୧୦୬/୨୪୬	ବେସରକାରୀ	ସାରଦ-୩	୦.୦୫୦
	ଉତ୍କଳୋଦ୍ରା	୧୦୭	ସରକାରୀ	ପତିତ	୦.୦୫୦
	ଉତ୍କଳୋଦ୍ରା	୧୧୨	ବେସରକାରୀ	ଢଳେଇ-୧	୦.୦୫୦
	ଉତ୍କଳୋଦ୍ରା	୧୧୩	ବେସରକାରୀ	ଢଳେଇ-୧	୦.୦୫୦
	ଉତ୍କଳୋଦ୍ରା	୧୧୪	ବେସରକାରୀ	ଢଳେଇ-୧	୦.୦୫୦
	ଉତ୍କଳୋଦ୍ରା	୧୧୫	ବେସରକାରୀ	ସାରଦ-୨	୦.୦୫୦
	ଉତ୍କଳୋଦ୍ରା	୧୧୬	ବେସରକାରୀ	ସାରଦ-୨	୦.୦୫୦
	ଉତ୍କଳୋଦ୍ରା	୧୧୭	ବେସରକାରୀ	ଗ୍ରାମଜଙ୍ଗଲ	୦.୦୫୦
	ଉତ୍କଳୋଦ୍ରା	୧୧୮	ବେସରକାରୀ	ସାରଦ-୨	୦.୦୫୦
ପରବର୍ତ୍ତୀ ପୃଷ୍ଠା ଦେଖନ୍ତୁ
